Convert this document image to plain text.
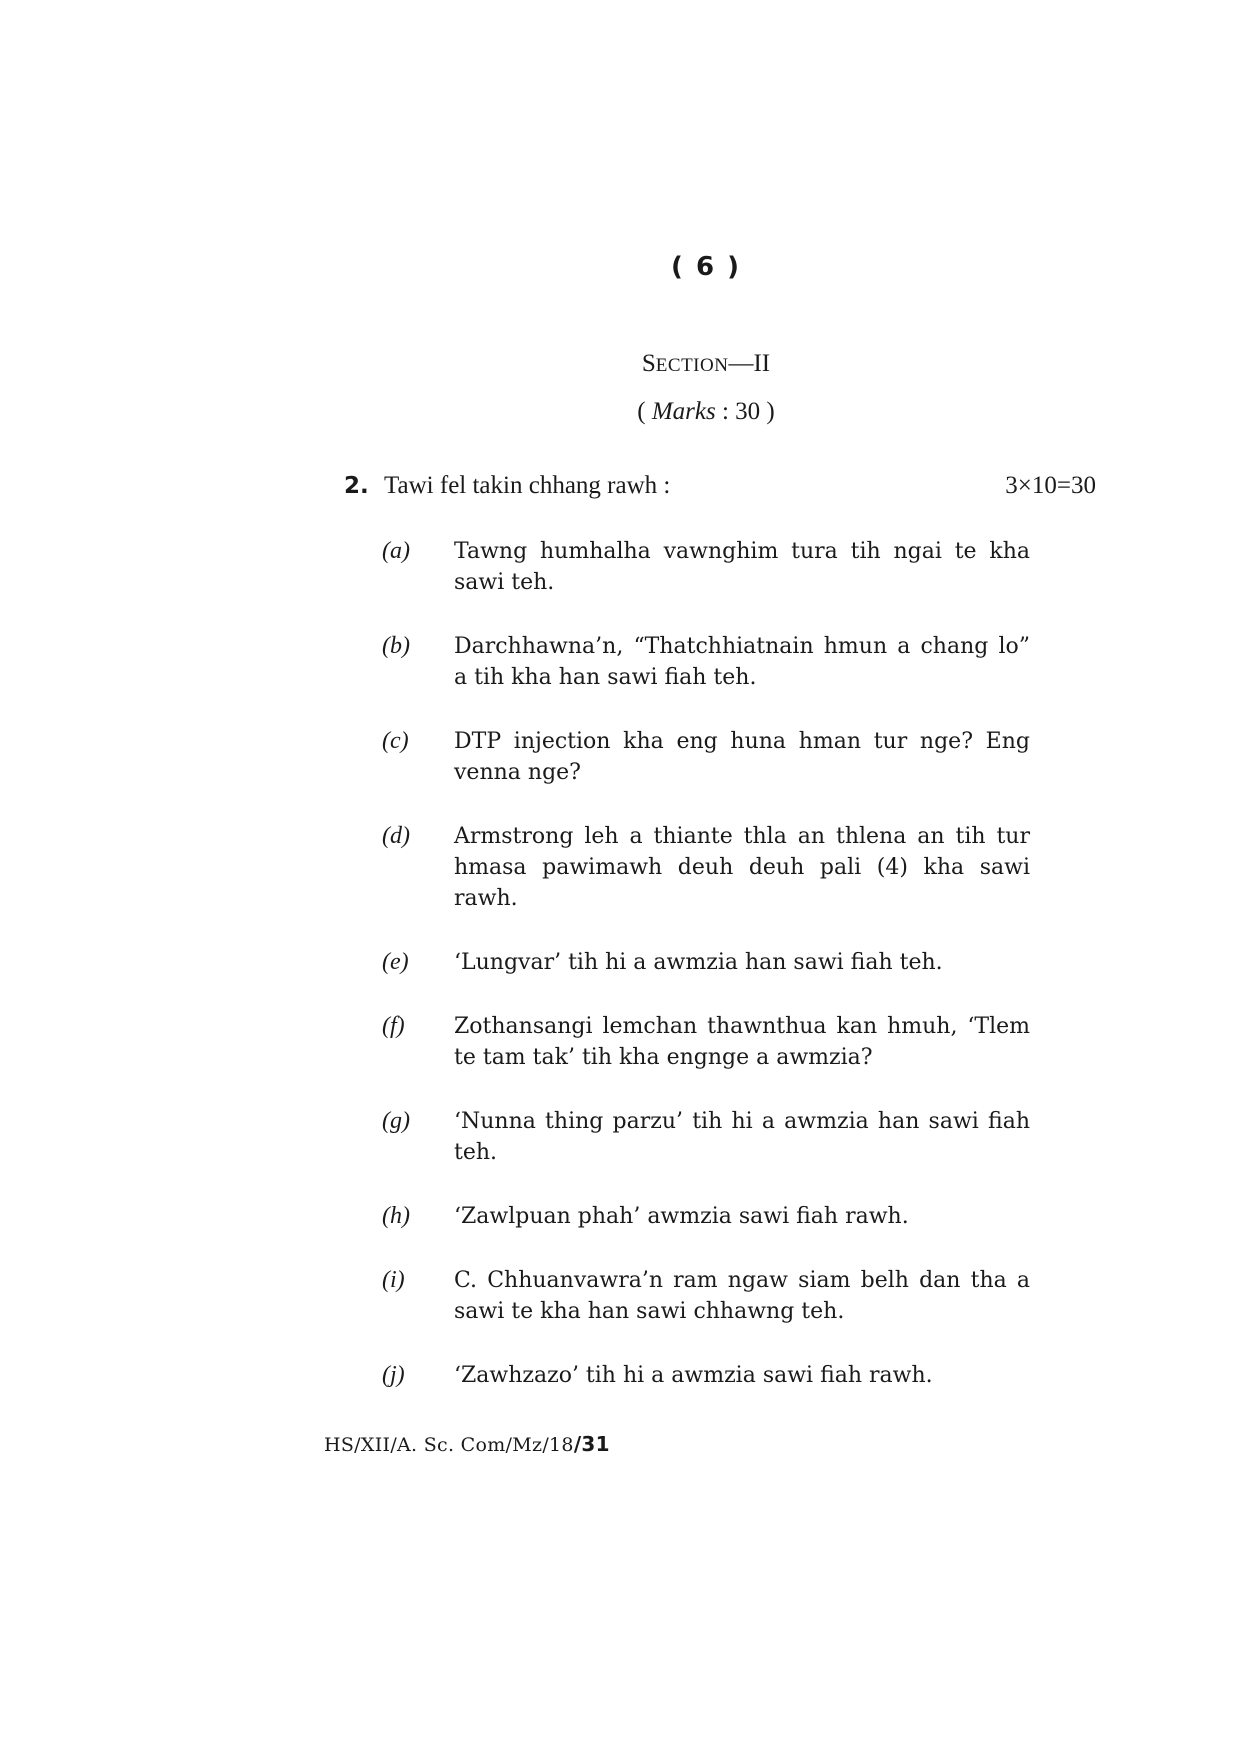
( 6 )
SECTION—II
( Marks : 30 )
2. Tawi fel takin chhang rawh :	3×10=30
(a) Tawng humhalha vawnghim tura tih ngai te kha sawi teh.
(b) Darchhawna’n, “Thatchhiatnain hmun a chang lo” a tih kha han sawi fiah teh.
(c) DTP injection kha eng huna hman tur nge? Eng venna nge?
(d) Armstrong leh a thiante thla an thlena an tih tur hmasa pawimawh deuh deuh pali (4) kha sawi rawh.
(e) ‘Lungvar’ tih hi a awmzia han sawi fiah teh.
(f) Zothansangi lemchan thawnthua kan hmuh, ‘Tlem te tam tak’ tih kha engnge a awmzia?
(g) ‘Nunna thing parzu’ tih hi a awmzia han sawi fiah teh.
(h) ‘Zawlpuan phah’ awmzia sawi fiah rawh.
(i) C. Chhuanvawra’n ram ngaw siam belh dan tha a sawi te kha han sawi chhawng teh.
(j) ‘Zawhzazo’ tih hi a awmzia sawi fiah rawh.
HS/XII/A. Sc. Com/Mz/18/31
